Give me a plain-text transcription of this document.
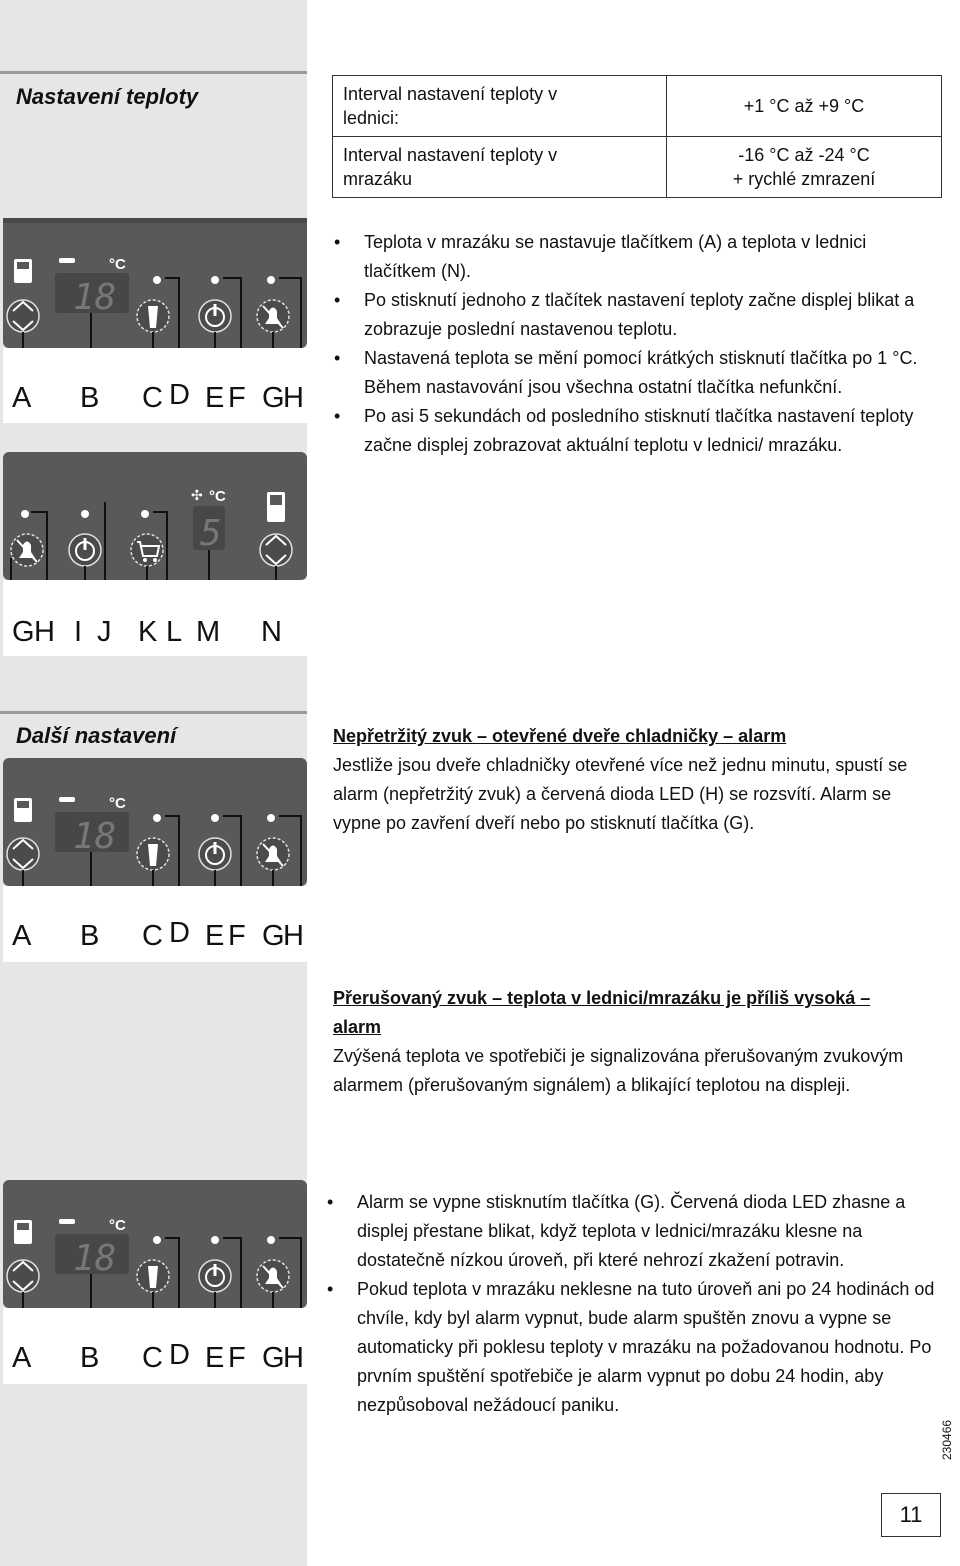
Nastavení teploty	Interval nastavení teploty v
lednici:	+1 °C až +9 °C

Interval nastavení teploty v
mrazáku	-16 °C až -24 °C
+ rychlé zmrazení
°C
18
A B C D E F G
H
✣ °C
5
G H I J K L M N
• Teplota v mrazáku se nastavuje tlačítkem (A) a teplota v lednici tlačítkem (N).
• Po stisknutí jednoho z tlačítek nastavení teploty začne displej blikat a zobrazuje poslední nastavenou teplotu.
• Nastavená teplota se mění pomocí krátkých stisknutí tlačítka po 1 °C. Během nastavování jsou všechna ostatní tlačítka nefunkční.
• Po asi 5 sekundách od posledního stisknutí tlačítka nastavení teploty začne displej zobrazovat aktuální teplotu v lednici/ mrazáku.
Další nastavení	Nepřetržitý zvuk – otevřené dveře chladničky – alarm
Jestliže jsou dveře chladničky otevřené více než jednu minutu, spustí se alarm (nepřetržitý zvuk) a červená dioda LED (H) se rozsvítí. Alarm se vypne po zavření dveří nebo po stisknutí tlačítka (G).
°C
18
A B C D E F G
H
Přerušovaný zvuk – teplota v lednici/mrazáku je příliš vysoká – alarm
Zvýšená teplota ve spotřebiči je signalizována přerušovaným zvukovým alarmem (přerušovaným signálem) a blikající teplotou na displeji.
°C
18
A B C D E F G
H
• Alarm se vypne stisknutím tlačítka (G). Červená dioda LED zhasne a displej přestane blikat, když teplota v lednici/mrazáku klesne na dostatečně nízkou úroveň, při které nehrozí zkažení potravin.
• Pokud teplota v mrazáku neklesne na tuto úroveň ani po 24 hodinách od chvíle, kdy byl alarm vypnut, bude alarm spuštěn znovu a vypne se automaticky při poklesu teploty v mrazáku na požadovanou hodnotu. Po prvním spuštění spotřebiče je alarm vypnut po dobu 24 hodin, aby nezpůsoboval nežádoucí paniku.
230466
11
